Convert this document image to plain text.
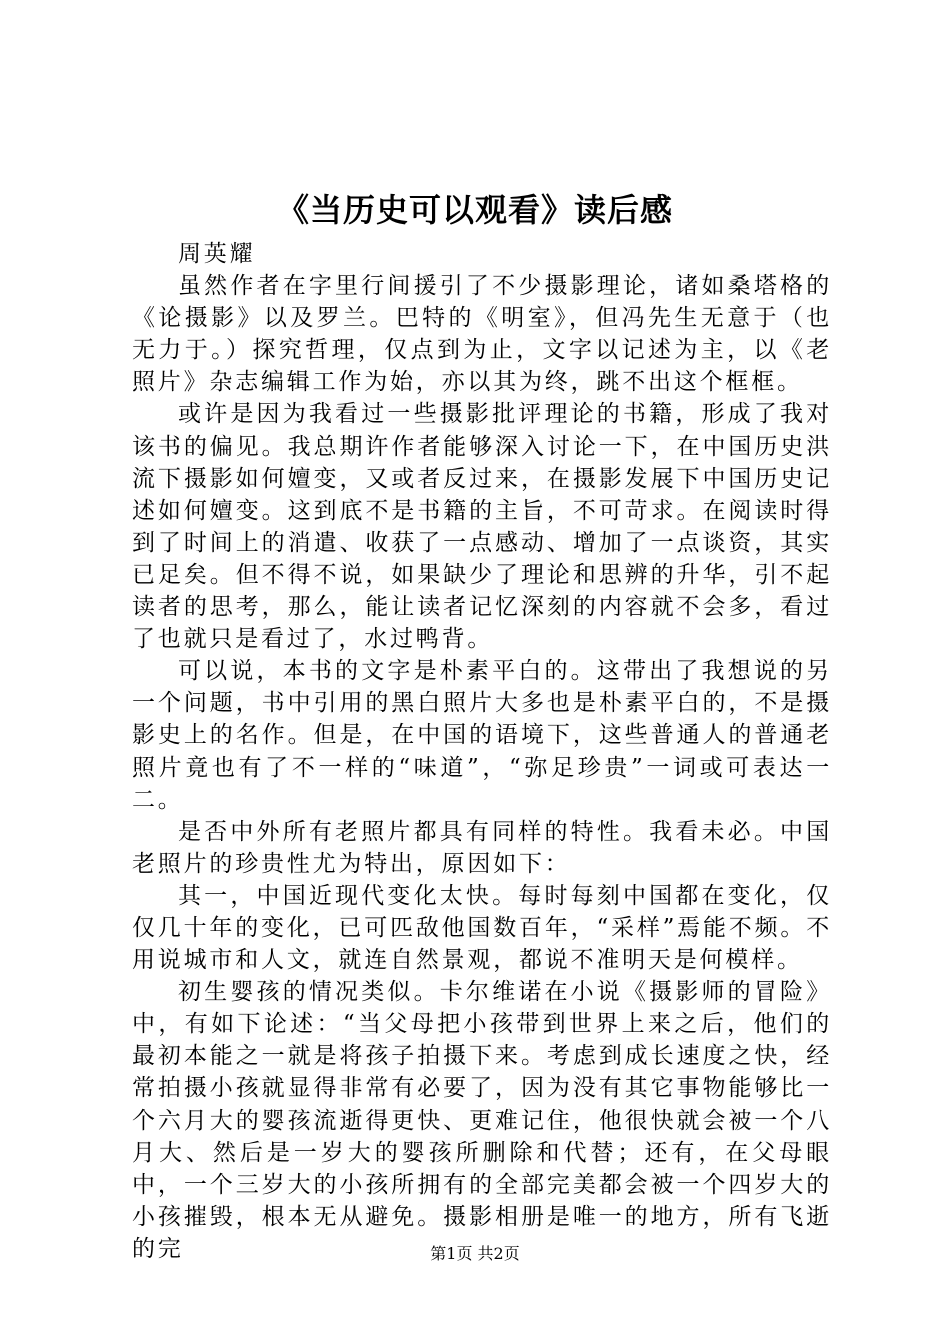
《当历史可以观看》读后感

周英耀

虽然作者在字里行间援引了不少摄影理论，诸如桑塔格的《论摄影》以及罗兰。巴特的《明室》，但冯先生无意于（也无力于。）探究哲理，仅点到为止，文字以记述为主，以《老照片》杂志编辑工作为始，亦以其为终，跳不出这个框框。

或许是因为我看过一些摄影批评理论的书籍，形成了我对该书的偏见。我总期许作者能够深入讨论一下，在中国历史洪流下摄影如何嬗变，又或者反过来，在摄影发展下中国历史记述如何嬗变。这到底不是书籍的主旨，不可苛求。在阅读时得到了时间上的消遣、收获了一点感动、增加了一点谈资，其实已足矣。但不得不说，如果缺少了理论和思辨的升华，引不起读者的思考，那么，能让读者记忆深刻的内容就不会多，看过了也就只是看过了，水过鸭背。

可以说，本书的文字是朴素平白的。这带出了我想说的另一个问题，书中引用的黑白照片大多也是朴素平白的，不是摄影史上的名作。但是，在中国的语境下，这些普通人的普通老照片竟也有了不一样的“味道”，“弥足珍贵”一词或可表达一二。

是否中外所有老照片都具有同样的特性。我看未必。中国老照片的珍贵性尤为特出，原因如下：

其一，中国近现代变化太快。每时每刻中国都在变化，仅仅几十年的变化，已可匹敌他国数百年，“采样”焉能不频。不用说城市和人文，就连自然景观，都说不准明天是何模样。

初生婴孩的情况类似。卡尔维诺在小说《摄影师的冒险》中，有如下论述：“当父母把小孩带到世界上来之后，他们的最初本能之一就是将孩子拍摄下来。考虑到成长速度之快，经常拍摄小孩就显得非常有必要了，因为没有其它事物能够比一个六月大的婴孩流逝得更快、更难记住，他很快就会被一个八月大、然后是一岁大的婴孩所删除和代替；还有，在父母眼中，一个三岁大的小孩所拥有的全部完美都会被一个四岁大的小孩摧毁，根本无从避免。摄影相册是唯一的地方，所有飞逝的完	第1页 共2页
